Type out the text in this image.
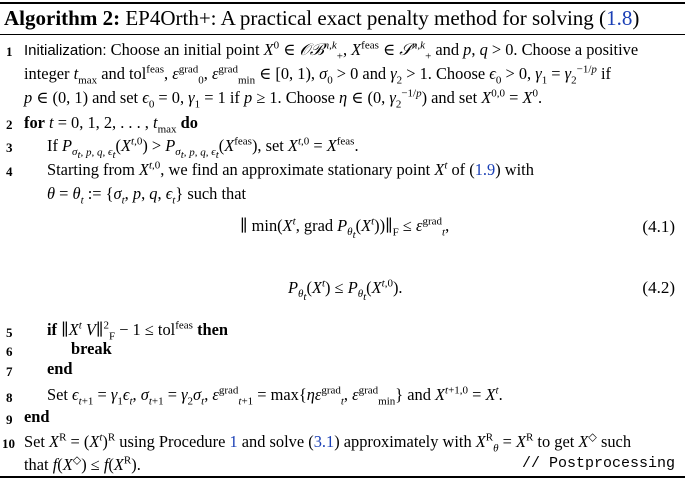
Algorithm 2: EP4Orth+: A practical exact penalty method for solving (1.8)
1 Initialization: Choose an initial point $X^0$ ∈ 𝒪ℬ$^{n,k}_+$, $X^{feas}$ ∈ 𝒮$^{n,k}_+$ and p, q > 0. Choose a positive
integer $t_{max}$ and tol$^{feas}$, $\varepsilon^{grad}_0$, $\varepsilon^{grad}_{min}$ ∈ [0, 1), $\sigma_0 > 0$ and $\gamma_2 > 1$. Choose $\epsilon_0 > 0$, $\gamma_1 = \gamma_2^{-1/p}$ if
p ∈ (0, 1) and set $\epsilon_0 = 0$, $\gamma_1 = 1$ if p ≥ 1. Choose η ∈ (0, $\gamma_2^{-1/p}$) and set $X^{0,0} = X^0$.
2 for t = 0, 1, 2, . . . , $t_{max}$ do
3 If $P_{\sigma_t, p, q, \epsilon_t}(X^{t,0}) > P_{\sigma_t, p, q, \epsilon_t}(X^{feas})$, set $X^{t,0} = X^{feas}$.
4 Starting from X$^{t,0}$, we find an approximate stationary point $X^t$ of (1.9) with
$\theta = \theta_t$ := {$\sigma_t$, p, q, $\epsilon_t$} such that
∥ $\min(X^t$, grad $P_{\theta_t}(X^t))\parallel_F \le \varepsilon^{grad}_t$,	(4.1)
$P_{\theta_t}(X^t) \le P_{\theta_t}(X^{t,0})$.	(4.2)
5 if $\parallel X^t$ V∥$^2_F$ − 1 ≤ tol$^{feas}$ then
6	break
7 end
8 Set $\epsilon_{t+1} = \gamma_1\epsilon_t$, $\sigma_{t+1} = \gamma_2\sigma_t$, $\varepsilon^{grad}_{t+1} = \max\{\eta\varepsilon^{grad}_t$, $\varepsilon^{grad}_{min}$} and $X^{t+1,0} = X^t$.
9 end
10 Set $X^R = (X^t)^R$ using Procedure 1 and solve (3.1) approximately with $X^R_\theta = X^R$ to get X◇ such
that $f(X^◇) \le f(X^R)$.	// Postprocessing
